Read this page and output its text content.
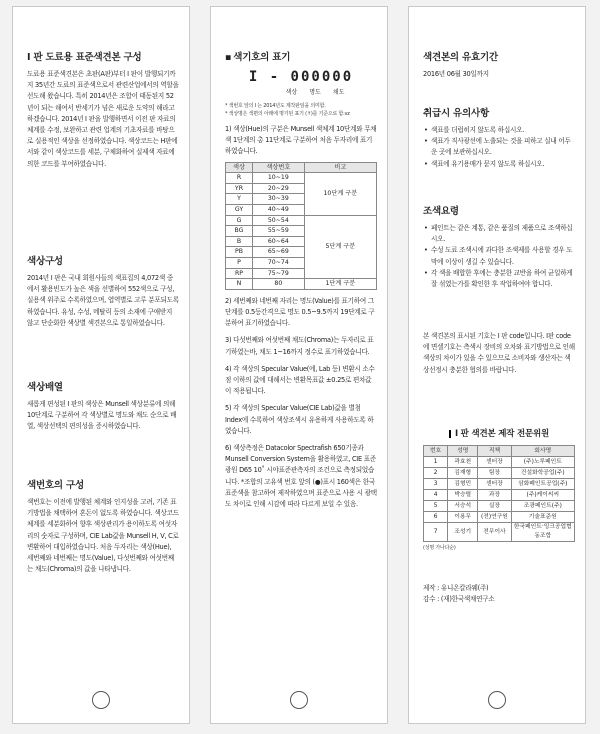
I 판 도료용 표준색견본 구성

도료용 표준색견본은 초판(A판)부터 I 판이 발행되기까지 35년간 도료의 표준색으로서 관련산업에서의 역할을 선도해 왔습니다. 특히 2014년은 조합이 태동된지 52년이 되는 해여서 반세기가 넘은 새로운 도약의 해라고 하겠습니다. 2014년 I 판을 발행하면서 이전 판 자료의 체계를 수정, 보완하고 관련 업계의 기초자료를 바탕으로 실용적인 색상을 선정하였습니다. 색상코드는 H판에서와 같이 색상코드를 세분, 구체화하여 실제색 자료에 의한 코드를 부여하였습니다.

색상구성

2014년 I 판은 국내 회원사들의 색표집의 4,072색 중에서 활용빈도가 높은 색을 선별하여 552색으로 구성, 실용색 위주로 수록하였으며, 엽역별로 고루 분포되도록 하였습니다. 유성, 수성, 메탈릭 등의 소재에 구애받지 않고 단순화한 색상별 색견본으로 통일하였습니다.

색상배열

새롭게 편성된 I 판의 색상은 Munsell 색상분류에 의해 10단계로 구분하여 각 색상별로 명도와 채도 순으로 배열, 색상선택의 편의성을 증시하였습니다.

색번호의 구성

색번호는 이전에 발행된 체계와 인지성을 고려, 기존 표기방법을 채택하여 혼돈이 없도록 하였습니다. 색상코드 체계를 세분화하여 향후 색상관리가 용이하도록 여섯자리의 숫자로 구성하며, CIE Lab값을 Munsell H, V, C로 변환하여 대입하였습니다. 처음 두자리는 색상(Hue), 세번째와 네번째는 명도(Value), 다섯번째와 여섯번째는 채도(Chroma)의 값을 나타냅니다.

▪ 색기호의 표기
I - 000000
색상 명도 채도
* 색번호 앞의 I 는 2014년도 제작판임을 의미함.
* 색상명은 색편의 아래에 명기된 표기 (↑)를 기준으로 함.vz

1) 색상(Hue)의 구분은 Munsell 색체계 10단계와 무채색 1단계의 총 11단계로 구분하여 처음 두자리에 표기하였습니다.

색상	색상번호	비고
R	10~19	10단계 구분
YR	20~29	
Y	30~39	
GY	40~49	
G	50~54	5단계 구분
BG	55~59	
B	60~64	
PB	65~69	
P	70~74	
RP	75~79	
N	80	1단계 구분

2) 세번째와 네번째 자리는 명도(Value)를 표기하여 그 단계를 0.5등간격으로 명도 0.5~9.5까지 19단계로 구분하여 표기하였습니다.

3) 다섯번째와 여섯번째 채도(Chroma)는 두자리로 표기하였는바, 채도 1~16까지 정수로 표기하였습니다.

4) 각 색상의 Specular Value(에, Lab 등) 변환시 소수점 이하의 값에 대해서는 변환목표값 ±0.25로 편차값이 적용됩니다.

5) 각 색상의 Specular Value(CIE Lab)값을 별첨 Index에 수록하여 색상조색시 유용하게 사용하도록 하였습니다.

6) 색상측정은 Datacolor Spectrafish 650기종과 Munsell Conversion System을 활용하였고, CIE 표준광원 D65 10˚ 시야표준관측자의 조건으로 측정되었습니다. *조합의 고유색 번호 앞의 (●)표시 160색은 한국표준색을 참고하여 제작하였으며 표준으로 사용 시 광택도 차이로 인해 시감에 따라 다르게 보일 수 있음.

색견본의 유효기간

2016년 06월 30일까지

취급시 유의사항
• 색표를 더럽히지 않도록 하십시오.
• 색표가 직사광선에 노출되는 것을 피하고 실내 어두운 곳에 보관하십시오.
• 색표에 유기용매가 묻지 않도록 하십시오.
조색요령
• 페인트는 같은 계통, 같은 품질의 제품으로 조색하십시오.
• 수성 도료 조색시에 과다한 조색제를 사용할 경우 도막에 이상이 생길 수 있습니다.
• 각 색을 배합한 후에는 충분한 교반을 하여 균일하게 잘 섞였는가를 확인한 후 작업하여야 합니다.

본 색견본의 표시된 기호는 I 판 code입니다. I판 code에 면셀기호는 측색시 장비의 오차와 표기방법으로 인해 색상의 차이가 있을 수 있으므로 소비자와 생산자는 색상선정시 충분한 협의를 바랍니다.

I 판 색견본 제작 전문위원
번호	성명	직책	회사명
1	곽효천	센터장	(주)노루페인트
2	김재형	팀장	건설화학공업(주)
3	김형민	센터장	삼화페인트공업(주)
4	박승렬	과장	(주)케이씨씨
5	서승석	실장	조광페인트(주)
6	이용무	(전)연구원	기술표준원
7	조성기	전무이사	한국페인트·잉크공업협동조합
(성명 가나다순)

제작 : 유니온칼라웨(주)

감수 : (재)한국색채연구소
